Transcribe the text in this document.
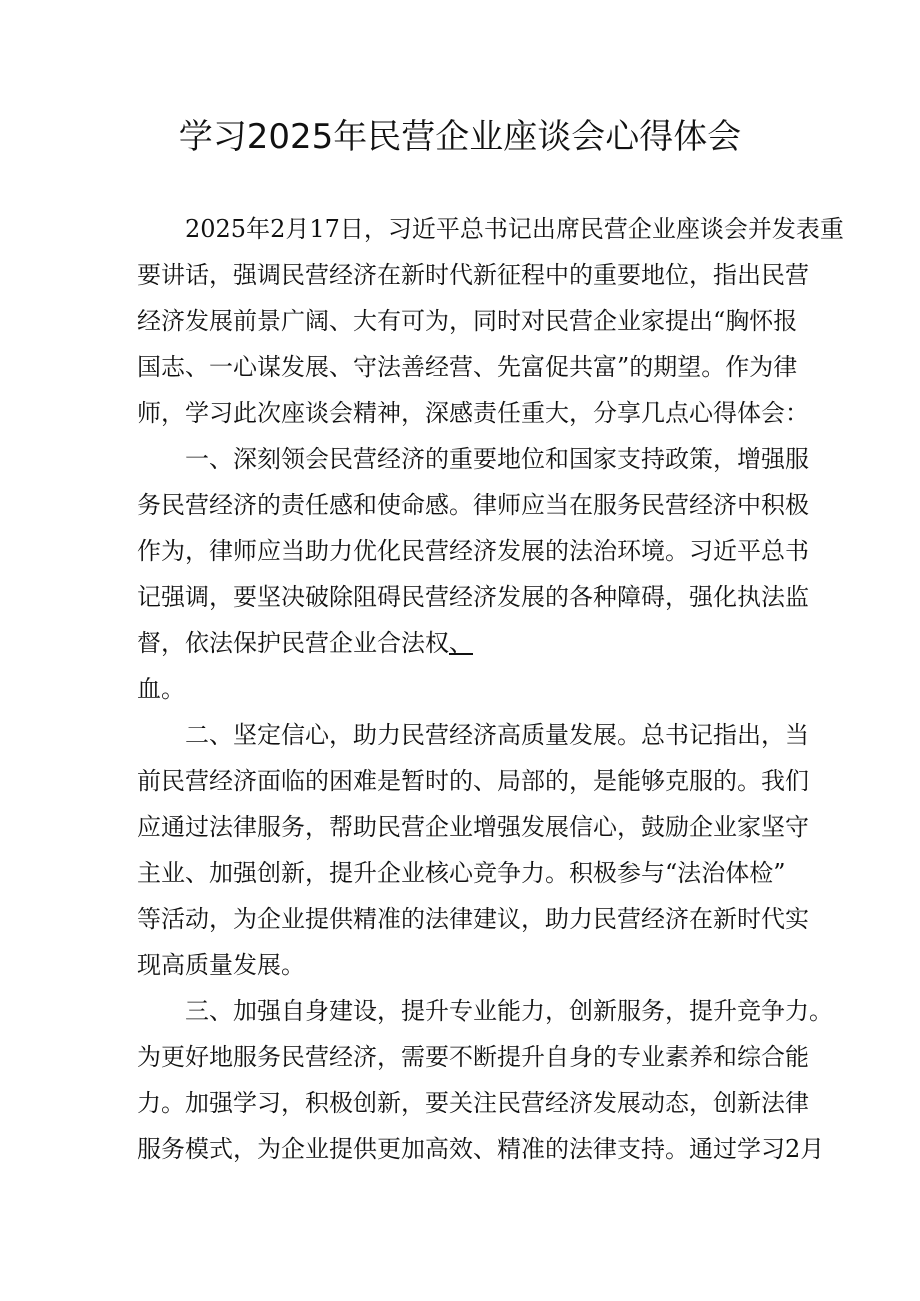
学习2025年民营企业座谈会心得体会
2025年2月17日，习近平总书记出席民营企业座谈会并发表重
要讲话，强调民营经济在新时代新征程中的重要地位，指出民营
经济发展前景广阔、大有可为，同时对民营企业家提出“胸怀报
国志、一心谋发展、守法善经营、先富促共富”的期望。作为律
师，学习此次座谈会精神，深感责任重大，分享几点心得体会：
一、深刻领会民营经济的重要地位和国家支持政策，增强服
务民营经济的责任感和使命感。律师应当在服务民营经济中积极
作为，律师应当助力优化民营经济发展的法治环境。习近平总书
记强调，要坚决破除阻碍民营经济发展的各种障碍，强化执法监
督，依法保护民营企业合法权、
血。
二、坚定信心，助力民营经济高质量发展。总书记指出，当
前民营经济面临的困难是暂时的、局部的，是能够克服的。我们
应通过法律服务，帮助民营企业增强发展信心，鼓励企业家坚守
主业、加强创新，提升企业核心竞争力。积极参与“法治体检”
等活动，为企业提供精准的法律建议，助力民营经济在新时代实
现高质量发展。
三、加强自身建设，提升专业能力，创新服务，提升竞争力。
为更好地服务民营经济，需要不断提升自身的专业素养和综合能
力。加强学习，积极创新，要关注民营经济发展动态，创新法律
服务模式，为企业提供更加高效、精准的法律支持。通过学习2月
